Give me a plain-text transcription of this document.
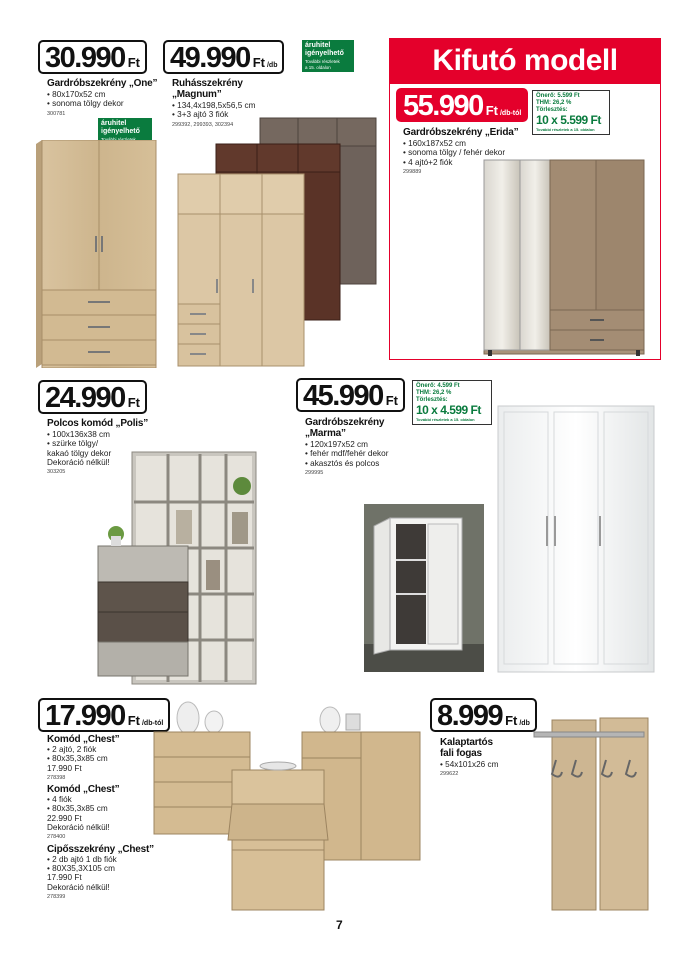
30.990 Ft
Gardróbszekrény „One”
• 80x170x52 cm
• sonoma tölgy dekor
300781
áruhitel
igényelhető
49.990 Ft /db
áruhitel
igényelhető
További részletek
a 15. oldalon
Ruhásszekrény
„Magnum”
• 134,4x198,5x56,5 cm
• 3+3 ajtó 3 fiók
299392, 299393, 302394
Kifutó modell
55.990 Ft /db-tól
Önerő: 5.599 Ft
THM: 26,2 %
Törlesztés:
10 x 5.599 Ft
További részletek a 15. oldalon
Gardróbszekrény „Erida”
• 160x187x52 cm
• sonoma tölgy / fehér dekor
• 4 ajtó+2 fiók
299889
24.990 Ft
Polcos komód „Polis”
• 100x136x38 cm
• szürke tölgy/
kakaó tölgy dekor
Dekoráció nélkül!
303205
45.990 Ft
Önerő: 4.599 Ft
THM: 26,2 %
Törlesztés:
10 x 4.599 Ft
További részletek a 15. oldalon
Gardróbszekrény
„Marma”
• 120x197x52 cm
• fehér mdf/fehér dekor
• akasztós és polcos
299995
17.990 Ft /db-tól
Komód „Chest”
• 2 ajtó, 2 fiók
• 80x35,3x85 cm
17.990 Ft
278398
Komód „Chest”
• 4 fiók
• 80x35,3x85 cm
22.990 Ft
Dekoráció nélkül!
278400
Cipősszekrény „Chest”
• 2 db ajtó 1 db fiók
• 80X35,3X105 cm
17.990 Ft
Dekoráció nélkül!
278399
8.999 Ft /db
Kalaptartós
fali fogas
• 54x101x26 cm
299622
7
